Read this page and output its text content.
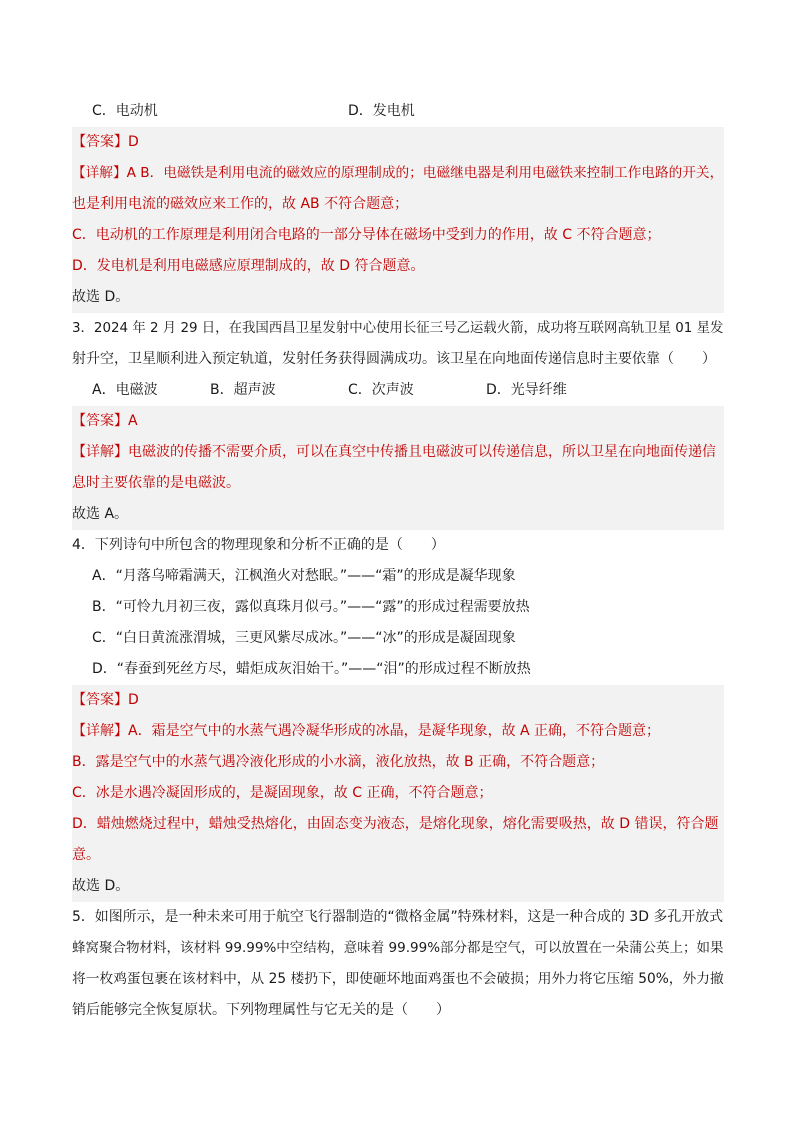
C．电动机	D．发电机
【答案】D
【详解】A B．电磁铁是利用电流的磁效应的原理制成的；电磁继电器是利用电磁铁来控制工作电路的开关，
也是利用电流的磁效应来工作的，故 AB 不符合题意；
C．电动机的工作原理是利用闭合电路的一部分导体在磁场中受到力的作用，故 C 不符合题意；
D．发电机是利用电磁感应原理制成的，故 D 符合题意。
故选 D。
3．2024 年 2 月 29 日，在我国西昌卫星发射中心使用长征三号乙运载火箭，成功将互联网高轨卫星 01 星发
射升空，卫星顺利进入预定轨道，发射任务获得圆满成功。该卫星在向地面传递信息时主要依靠（　　）
A．电磁波	B．超声波	C．次声波	D．光导纤维
【答案】A
【详解】电磁波的传播不需要介质，可以在真空中传播且电磁波可以传递信息，所以卫星在向地面传递信
息时主要依靠的是电磁波。
故选 A。
4．下列诗句中所包含的物理现象和分析不正确的是（　　）
A．“月落乌啼霜满天，江枫渔火对愁眠。”——“霜”的形成是凝华现象
B．“可怜九月初三夜，露似真珠月似弓。”——“露”的形成过程需要放热
C．“白日黄流涨渭城，三更风紫尽成冰。”——“冰”的形成是凝固现象
D．“春蚕到死丝方尽，蜡炬成灰泪始干。”——“泪”的形成过程不断放热
【答案】D
【详解】A．霜是空气中的水蒸气遇冷凝华形成的冰晶，是凝华现象，故 A 正确，不符合题意；
B．露是空气中的水蒸气遇冷液化形成的小水滴，液化放热，故 B 正确，不符合题意；
C．冰是水遇冷凝固形成的，是凝固现象，故 C 正确，不符合题意；
D．蜡烛燃烧过程中，蜡烛受热熔化，由固态变为液态，是熔化现象，熔化需要吸热，故 D 错误，符合题
意。
故选 D。
5．如图所示，是一种未来可用于航空飞行器制造的“微格金属”特殊材料，这是一种合成的 3D 多孔开放式
蜂窝聚合物材料，该材料 99.99%中空结构，意味着 99.99%部分都是空气，可以放置在一朵蒲公英上；如果
将一枚鸡蛋包裹在该材料中，从 25 楼扔下，即使砸坏地面鸡蛋也不会破损；用外力将它压缩 50%，外力撤
销后能够完全恢复原状。下列物理属性与它无关的是（　　）
